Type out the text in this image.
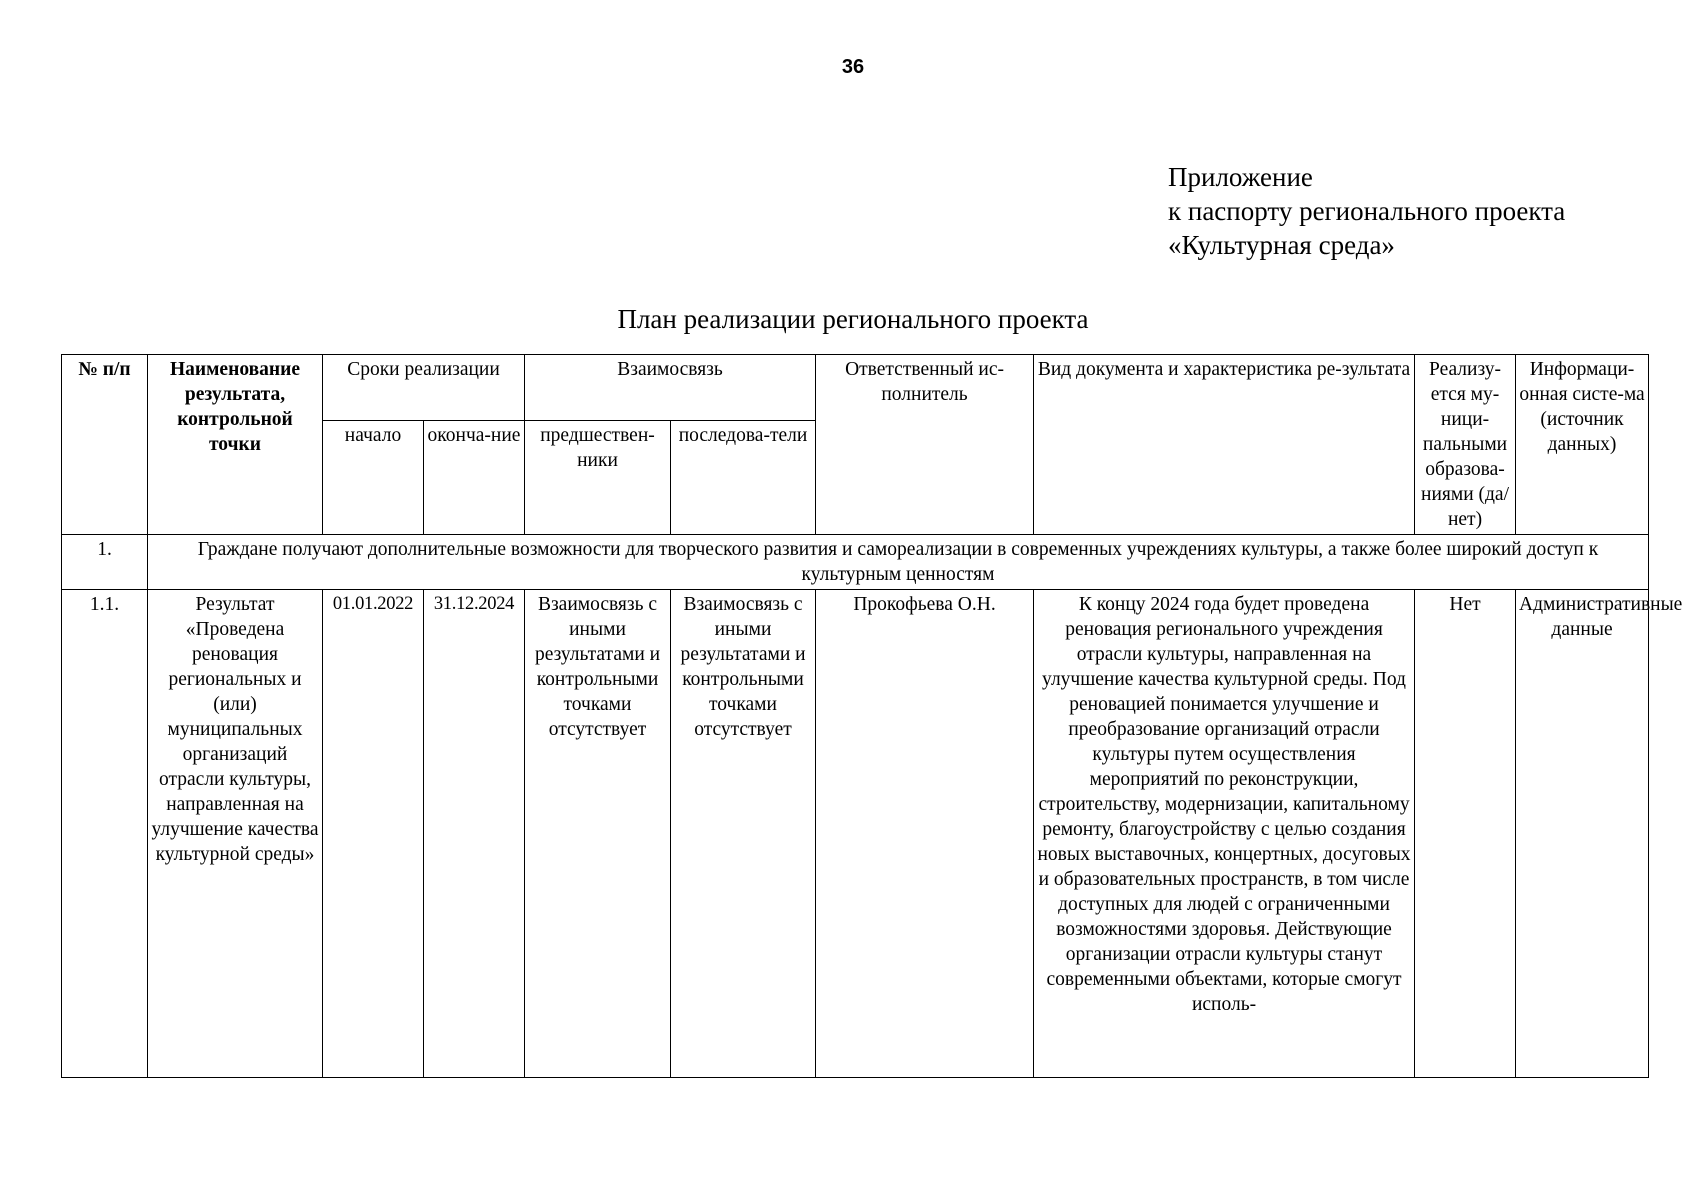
36
Приложение
к паспорту регионального проекта
«Культурная среда»
План реализации регионального проекта
№ п/п	Наименование результата, контрольной точки	Сроки реализации		Взаимосвязь		Ответственный ис-полнитель	Вид документа и характеристика ре-зультата	Реализу-ется му-ници-пальными образова-ниями (да/нет)	Информаци-онная систе-ма (источник данных)
		начало	оконча-ние	предшествен-ники	последова-тели				
1.	Граждане получают дополнительные возможности для творческого развития и самореализации в современных учреждениях культуры, а также более широкий доступ к культурным ценностям								
1.1.	Результат «Проведена реновация региональных и (или) муниципальных организаций отрасли культуры, направленная на улучшение качества культурной среды»	01.01.2022	31.12.2024	Взаимосвязь с иными результатами и контрольными точками отсутствует	Взаимосвязь с иными результатами и контрольными точками отсутствует	Прокофьева О.Н.	К концу 2024 года будет проведена реновация регионального учреждения отрасли культуры, направленная на улучшение качества культурной среды. Под реновацией понимается улучшение и преобразование организаций отрасли культуры путем осуществления мероприятий по реконструкции, строительству, модернизации, капитальному ремонту, благоустройству с целью создания новых выставочных, концертных, досуговых и образовательных пространств, в том числе доступных для людей с ограниченными возможностями здоровья. Действующие организации отрасли культуры станут современными объектами, которые смогут исполь-	Нет	Административные данные
